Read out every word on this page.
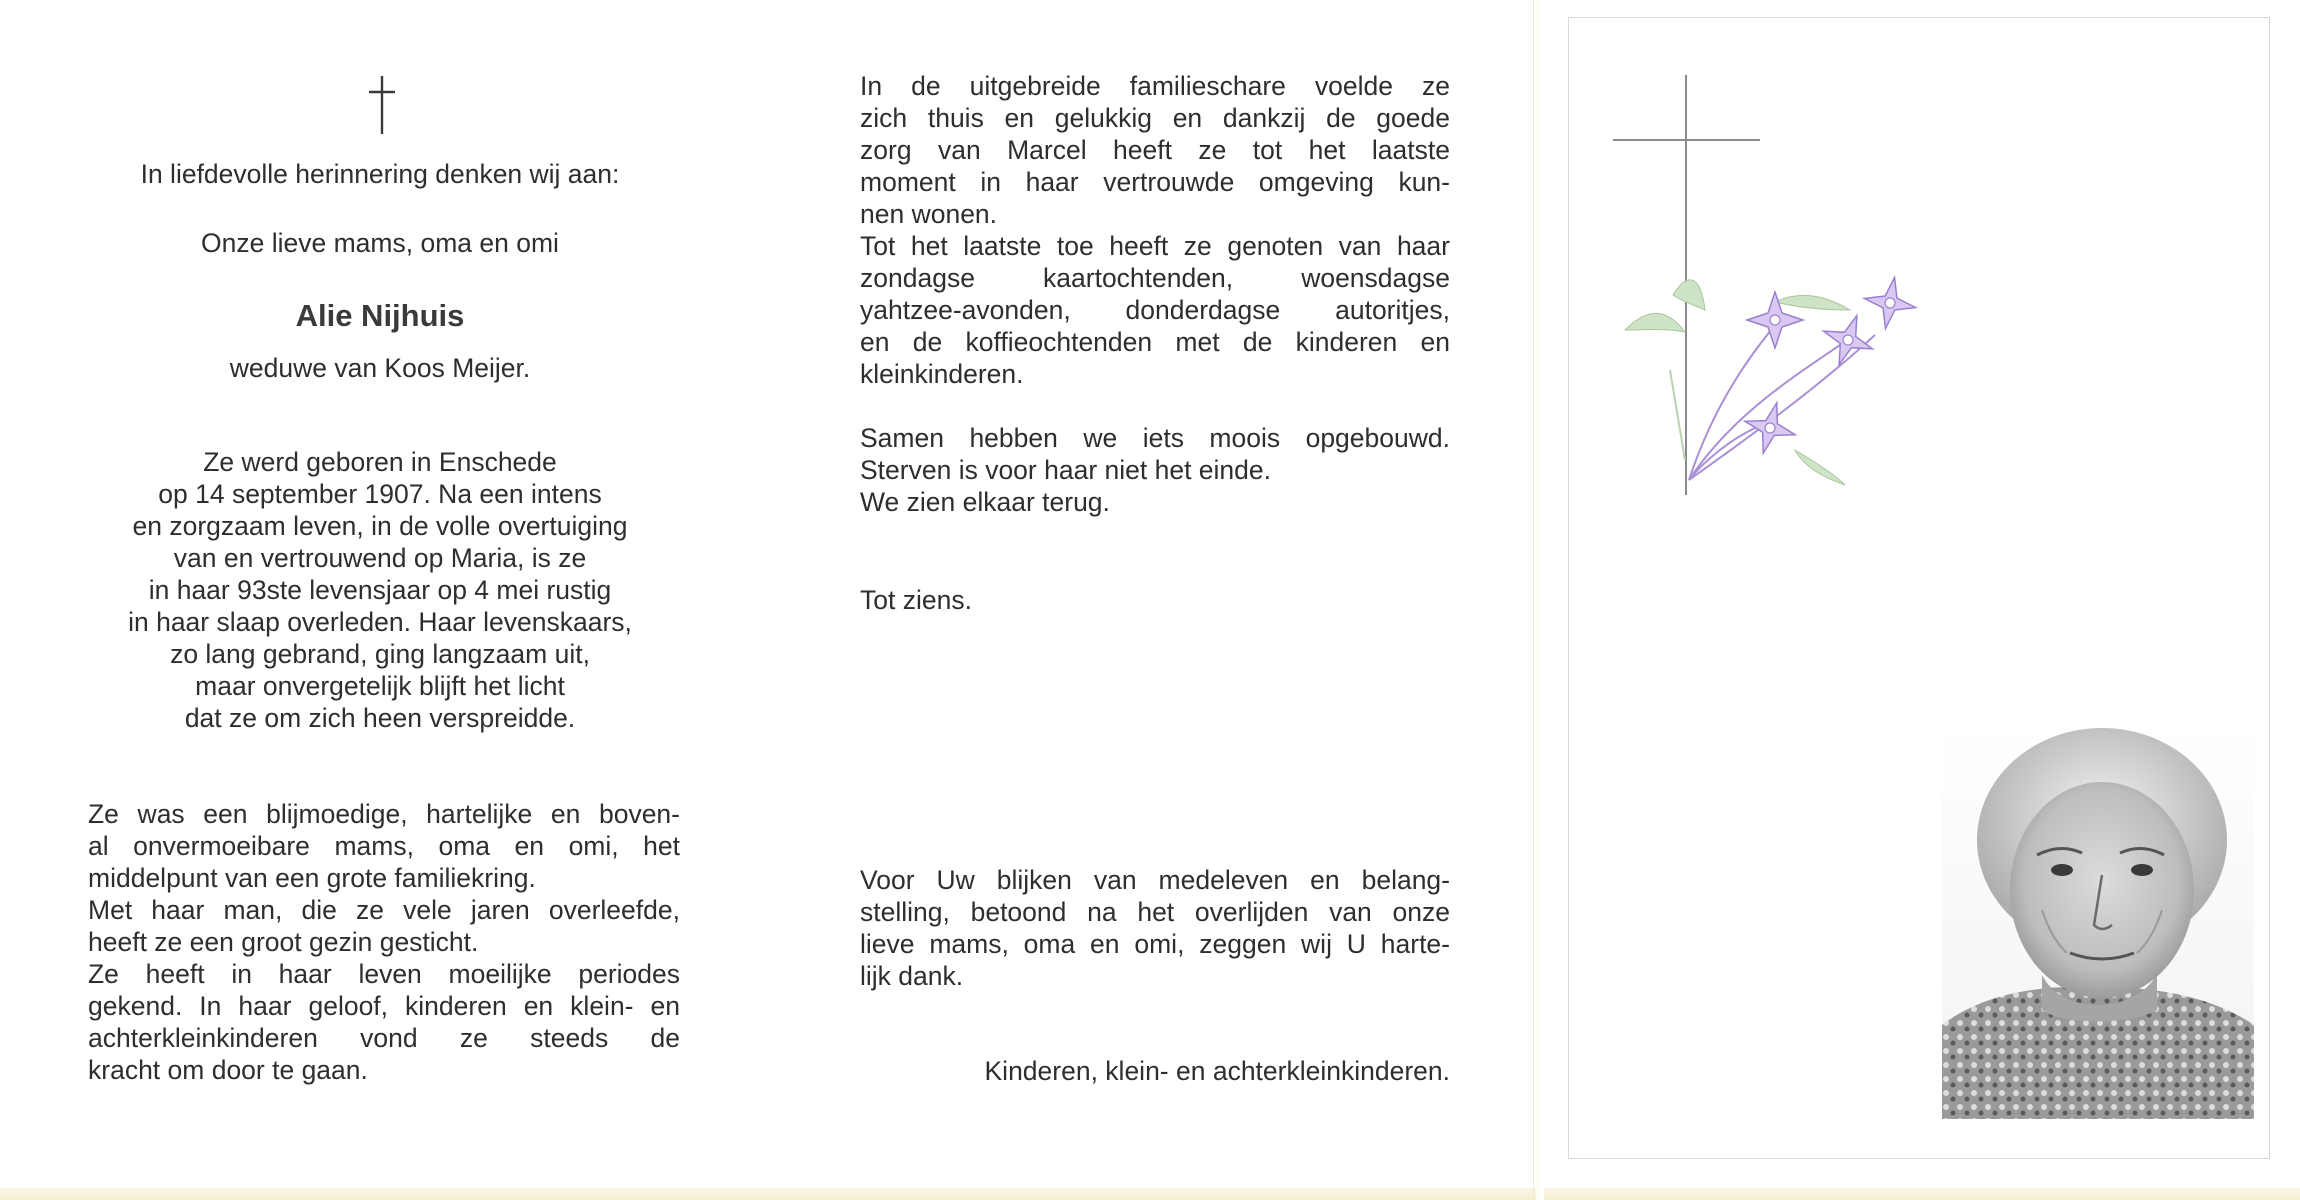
In liefdevolle herinnering denken wij aan:
Onze lieve mams, oma en omi
Alie Nijhuis
weduwe van Koos Meijer.
Ze werd geboren in Enschede
op 14 september 1907. Na een intens
en zorgzaam leven, in de volle overtuiging
van en vertrouwend op Maria, is ze
in haar 93ste levensjaar op 4 mei rustig
in haar slaap overleden. Haar levenskaars,
zo lang gebrand, ging langzaam uit,
maar onvergetelijk blijft het licht
dat ze om zich heen verspreidde.
Ze was een blijmoedige, hartelijke en boven-
al onvermoeibare mams, oma en omi, het
middelpunt van een grote familiekring.
Met haar man, die ze vele jaren overleefde,
heeft ze een groot gezin gesticht.
Ze heeft in haar leven moeilijke periodes
gekend. In haar geloof, kinderen en klein- en
achterkleinkinderen vond ze steeds de
kracht om door te gaan.
In de uitgebreide familieschare voelde ze
zich thuis en gelukkig en dankzij de goede
zorg van Marcel heeft ze tot het laatste
moment in haar vertrouwde omgeving kun-
nen wonen.
Tot het laatste toe heeft ze genoten van haar
zondagse kaartochtenden, woensdagse
yahtzee-avonden, donderdagse autoritjes,
en de koffieochtenden met de kinderen en
kleinkinderen.
Samen hebben we iets moois opgebouwd.
Sterven is voor haar niet het einde.
We zien elkaar terug.
Tot ziens.
Voor Uw blijken van medeleven en belang-
stelling, betoond na het overlijden van onze
lieve mams, oma en omi, zeggen wij U harte-
lijk dank.
Kinderen, klein- en achterkleinkinderen.
